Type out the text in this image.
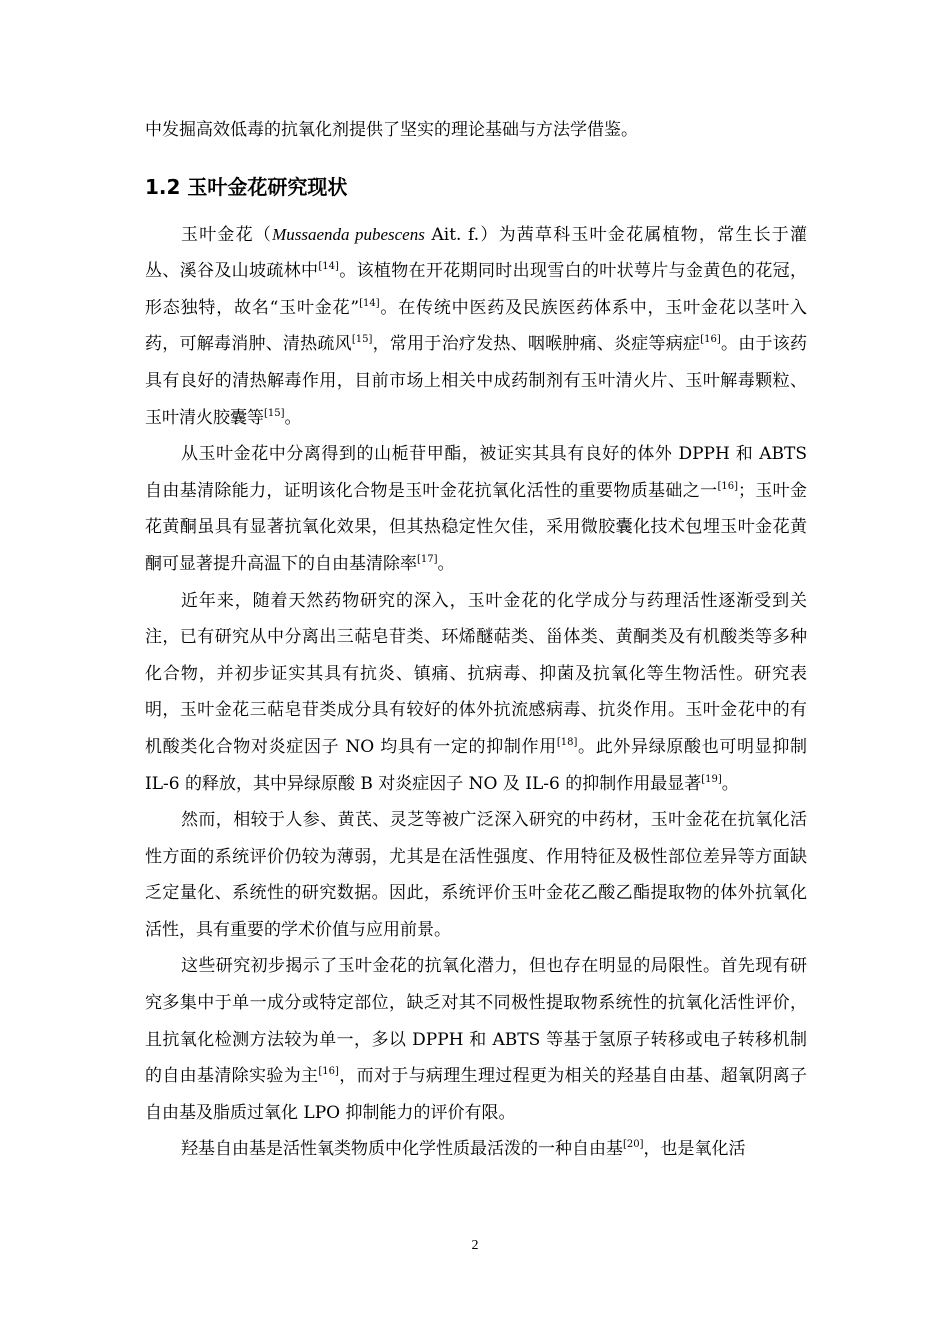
中发掘高效低毒的抗氧化剂提供了坚实的理论基础与方法学借鉴。

1.2 玉叶金花研究现状

玉叶金花（Mussaenda pubescens Ait. f.）为茜草科玉叶金花属植物，常生长于灌丛、溪谷及山坡疏林中[14]。该植物在开花期同时出现雪白的叶状萼片与金黄色的花冠，形态独特，故名“玉叶金花”[14]。在传统中医药及民族医药体系中，玉叶金花以茎叶入药，可解毒消肿、清热疏风[15]，常用于治疗发热、咽喉肿痛、炎症等病症[16]。由于该药具有良好的清热解毒作用，目前市场上相关中成药制剂有玉叶清火片、玉叶解毒颗粒、玉叶清火胶囊等[15]。

从玉叶金花中分离得到的山栀苷甲酯，被证实其具有良好的体外 DPPH 和 ABTS 自由基清除能力，证明该化合物是玉叶金花抗氧化活性的重要物质基础之一[16]；玉叶金花黄酮虽具有显著抗氧化效果，但其热稳定性欠佳，采用微胶囊化技术包埋玉叶金花黄酮可显著提升高温下的自由基清除率[17]。

近年来，随着天然药物研究的深入，玉叶金花的化学成分与药理活性逐渐受到关注，已有研究从中分离出三萜皂苷类、环烯醚萜类、甾体类、黄酮类及有机酸类等多种化合物，并初步证实其具有抗炎、镇痛、抗病毒、抑菌及抗氧化等生物活性。研究表明，玉叶金花三萜皂苷类成分具有较好的体外抗流感病毒、抗炎作用。玉叶金花中的有机酸类化合物对炎症因子 NO 均具有一定的抑制作用[18]。此外异绿原酸也可明显抑制 IL-6 的释放，其中异绿原酸 B 对炎症因子 NO 及 IL-6 的抑制作用最显著[19]。

然而，相较于人参、黄芪、灵芝等被广泛深入研究的中药材，玉叶金花在抗氧化活性方面的系统评价仍较为薄弱，尤其是在活性强度、作用特征及极性部位差异等方面缺乏定量化、系统性的研究数据。因此，系统评价玉叶金花乙酸乙酯提取物的体外抗氧化活性，具有重要的学术价值与应用前景。

这些研究初步揭示了玉叶金花的抗氧化潜力，但也存在明显的局限性。首先现有研究多集中于单一成分或特定部位，缺乏对其不同极性提取物系统性的抗氧化活性评价，且抗氧化检测方法较为单一，多以 DPPH 和 ABTS 等基于氢原子转移或电子转移机制的自由基清除实验为主[16]，而对于与病理生理过程更为相关的羟基自由基、超氧阴离子自由基及脂质过氧化 LPO 抑制能力的评价有限。

羟基自由基是活性氧类物质中化学性质最活泼的一种自由基[20]，也是氧化活

2
